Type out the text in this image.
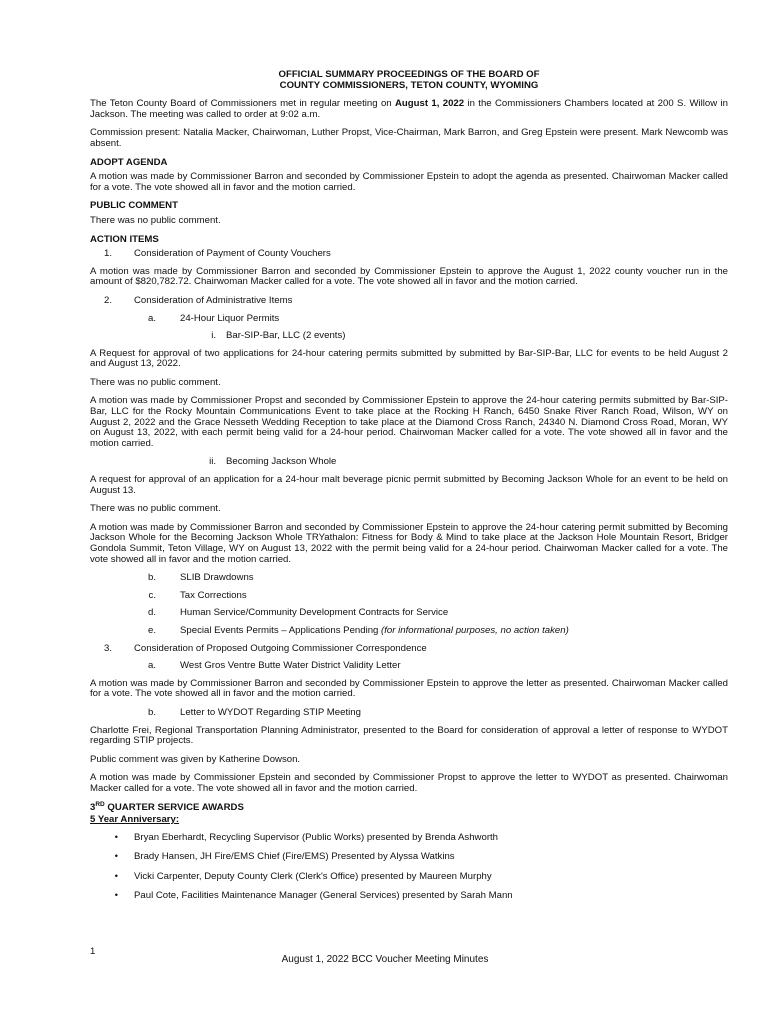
OFFICIAL SUMMARY PROCEEDINGS OF THE BOARD OF
COUNTY COMMISSIONERS, TETON COUNTY, WYOMING

The Teton County Board of Commissioners met in regular meeting on August 1, 2022 in the Commissioners Chambers located at 200 S. Willow in Jackson. The meeting was called to order at 9:02 a.m.

Commission present: Natalia Macker, Chairwoman, Luther Propst, Vice-Chairman, Mark Barron, and Greg Epstein were present. Mark Newcomb was absent.

ADOPT AGENDA

A motion was made by Commissioner Barron and seconded by Commissioner Epstein to adopt the agenda as presented. Chairwoman Macker called for a vote. The vote showed all in favor and the motion carried.

PUBLIC COMMENT

There was no public comment.

ACTION ITEMS
1.	Consideration of Payment of County Vouchers

A motion was made by Commissioner Barron and seconded by Commissioner Epstein to approve the August 1, 2022 county voucher run in the amount of $820,782.72. Chairwoman Macker called for a vote. The vote showed all in favor and the motion carried.

2.	Consideration of Administrative Items
a.	24-Hour Liquor Permits
i.	Bar-SIP-Bar, LLC (2 events)

A Request for approval of two applications for 24-hour catering permits submitted by submitted by Bar-SIP-Bar, LLC for events to be held August 2 and August 13, 2022.

There was no public comment.

A motion was made by Commissioner Propst and seconded by Commissioner Epstein to approve the 24-hour catering permits submitted by Bar-SIP-Bar, LLC for the Rocky Mountain Communications Event to take place at the Rocking H Ranch, 6450 Snake River Ranch Road, Wilson, WY on August 2, 2022 and the Grace Nesseth Wedding Reception to take place at the Diamond Cross Ranch, 24340 N. Diamond Cross Road, Moran, WY on August 13, 2022, with each permit being valid for a 24-hour period. Chairwoman Macker called for a vote. The vote showed all in favor and the motion carried.

ii.	Becoming Jackson Whole

A request for approval of an application for a 24-hour malt beverage picnic permit submitted by Becoming Jackson Whole for an event to be held on August 13.

There was no public comment.

A motion was made by Commissioner Barron and seconded by Commissioner Epstein to approve the 24-hour catering permit submitted by Becoming Jackson Whole for the Becoming Jackson Whole TRYathalon: Fitness for Body & Mind to take place at the Jackson Hole Mountain Resort, Bridger Gondola Summit, Teton Village, WY on August 13, 2022 with the permit being valid for a 24-hour period. Chairwoman Macker called for a vote. The vote showed all in favor and the motion carried.

b.	SLIB Drawdowns
c.	Tax Corrections
d.	Human Service/Community Development Contracts for Service
e.	Special Events Permits – Applications Pending (for informational purposes, no action taken)
3.	Consideration of Proposed Outgoing Commissioner Correspondence
a.	West Gros Ventre Butte Water District Validity Letter

A motion was made by Commissioner Barron and seconded by Commissioner Epstein to approve the letter as presented. Chairwoman Macker called for a vote. The vote showed all in favor and the motion carried.

b.	Letter to WYDOT Regarding STIP Meeting

Charlotte Frei, Regional Transportation Planning Administrator, presented to the Board for consideration of approval a letter of response to WYDOT regarding STIP projects.

Public comment was given by Katherine Dowson.

A motion was made by Commissioner Epstein and seconded by Commissioner Propst to approve the letter to WYDOT as presented. Chairwoman Macker called for a vote. The vote showed all in favor and the motion carried.

3RD QUARTER SERVICE AWARDS
5 Year Anniversary:
•	Bryan Eberhardt, Recycling Supervisor (Public Works) presented by Brenda Ashworth
•	Brady Hansen, JH Fire/EMS Chief (Fire/EMS) Presented by Alyssa Watkins
•	Vicki Carpenter, Deputy County Clerk (Clerk's Office) presented by Maureen Murphy
•	Paul Cote, Facilities Maintenance Manager (General Services) presented by Sarah Mann
1
August 1, 2022 BCC Voucher Meeting Minutes
